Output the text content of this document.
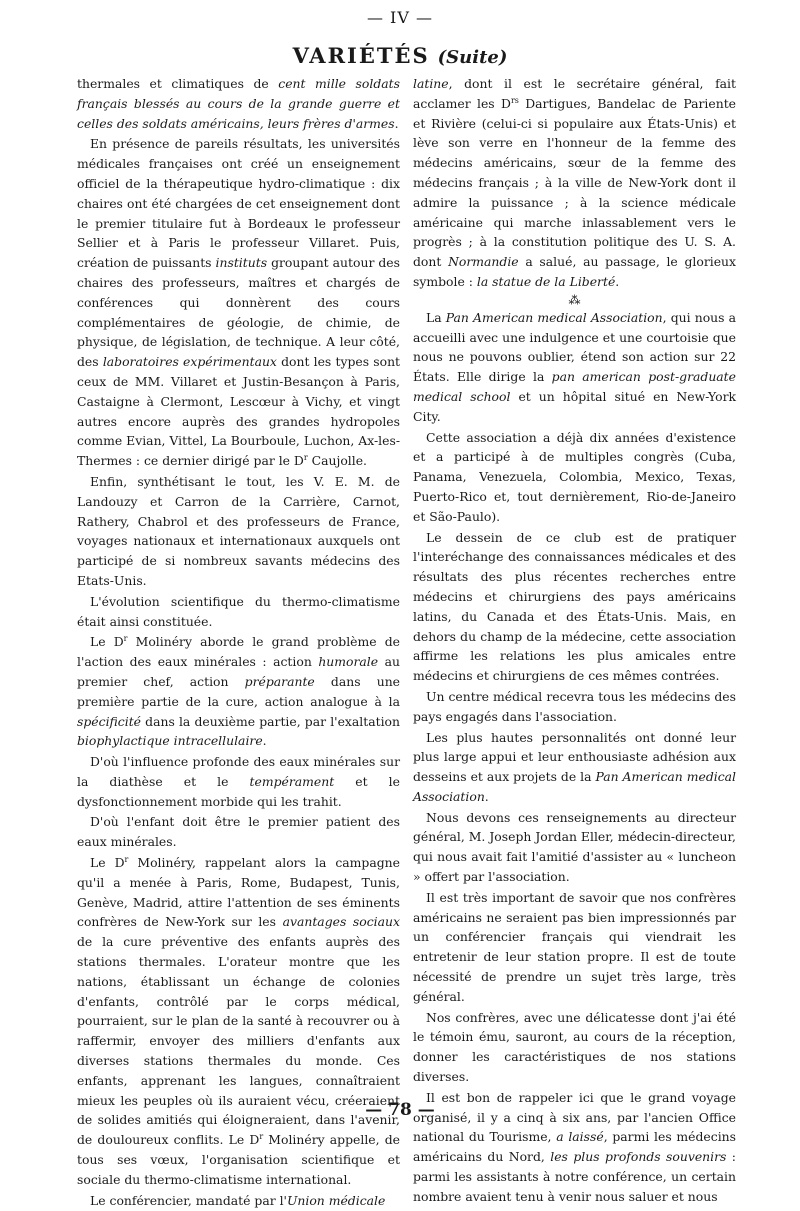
— IV —
VARIÉTÉS (Suite)

thermales et climatiques de cent mille soldats français blessés au cours de la grande guerre et celles des soldats américains, leurs frères d'armes.

En présence de pareils résultats, les universités médicales françaises ont créé un enseignement officiel de la thérapeutique hydro-climatique : dix chaires ont été chargées de cet enseignement dont le premier titulaire fut à Bordeaux le professeur Sellier et à Paris le professeur Villaret. Puis, création de puissants instituts groupant autour des chaires des professeurs, maîtres et chargés de conférences qui donnèrent des cours complémentaires de géologie, de chimie, de physique, de législation, de technique. A leur côté, des laboratoires expérimentaux dont les types sont ceux de MM. Villaret et Justin-Besançon à Paris, Castaigne à Clermont, Lescœur à Vichy, et vingt autres encore auprès des grandes hydropoles comme Evian, Vittel, La Bourboule, Luchon, Ax-les-Thermes : ce dernier dirigé par le $D^r$ Caujolle.

Enfin, synthétisant le tout, les V. E. M. de Landouzy et Carron de la Carrière, Carnot, Rathery, Chabrol et des professeurs de France, voyages nationaux et internationaux auxquels ont participé de si nombreux savants médecins des Etats-Unis.

L'évolution scientifique du thermo-climatisme était ainsi constituée.

Le $D^r$ Molinéry aborde le grand problème de l'action des eaux minérales : action humorale au premier chef, action préparante dans une première partie de la cure, action analogue à la spécificité dans la deuxième partie, par l'exaltation biophylactique intracellulaire.

D'où l'influence profonde des eaux minérales sur la diathèse et le tempérament et le dysfonctionnement morbide qui les trahit.

D'où l'enfant doit être le premier patient des eaux minérales.

Le $D^r$ Molinéry, rappelant alors la campagne qu'il a menée à Paris, Rome, Budapest, Tunis, Genève, Madrid, attire l'attention de ses éminents confrères de New-York sur les avantages sociaux de la cure préventive des enfants auprès des stations thermales. L'orateur montre que les nations, établissant un échange de colonies d'enfants, contrôlé par le corps médical, pourraient, sur le plan de la santé à recouvrer ou à raffermir, envoyer des milliers d'enfants aux diverses stations thermales du monde. Ces enfants, apprenant les langues, connaîtraient mieux les peuples où ils auraient vécu, créeraient de solides amitiés qui éloigneraient, dans l'avenir, de douloureux conflits. Le $D^r$ Molinéry appelle, de tous ses vœux, l'organisation scientifique et sociale du thermo-climatisme international.

Le conférencier, mandaté par l'Union médicale

latine, dont il est le secrétaire général, fait acclamer les $D^{rs}$ Dartigues, Bandelac de Pariente et Rivière (celui-ci si populaire aux États-Unis) et lève son verre en l'honneur de la femme des médecins américains, sœur de la femme des médecins français ; à la ville de New-York dont il admire la puissance ; à la science médicale américaine qui marche inlassablement vers le progrès ; à la constitution politique des U. S. A. dont Normandie a salué, au passage, le glorieux symbole : la statue de la Liberté.

⁂

La Pan American medical Association, qui nous a accueilli avec une indulgence et une courtoisie que nous ne pouvons oublier, étend son action sur 22 États. Elle dirige la pan american post-graduate medical school et un hôpital situé en New-York City.

Cette association a déjà dix années d'existence et a participé à de multiples congrès (Cuba, Panama, Venezuela, Colombia, Mexico, Texas, Puerto-Rico et, tout dernièrement, Rio-de-Janeiro et São-Paulo).

Le dessein de ce club est de pratiquer l'interéchange des connaissances médicales et des résultats des plus récentes recherches entre médecins et chirurgiens des pays américains latins, du Canada et des États-Unis. Mais, en dehors du champ de la médecine, cette association affirme les relations les plus amicales entre médecins et chirurgiens de ces mêmes contrées.

Un centre médical recevra tous les médecins des pays engagés dans l'association.

Les plus hautes personnalités ont donné leur plus large appui et leur enthousiaste adhésion aux desseins et aux projets de la Pan American medical Association.

Nous devons ces renseignements au directeur général, M. Joseph Jordan Eller, médecin-directeur, qui nous avait fait l'amitié d'assister au « luncheon » offert par l'association.

Il est très important de savoir que nos confrères américains ne seraient pas bien impressionnés par un conférencier français qui viendrait les entretenir de leur station propre. Il est de toute nécessité de prendre un sujet très large, très général.

Nos confrères, avec une délicatesse dont j'ai été le témoin ému, sauront, au cours de la réception, donner les caractéristiques de nos stations diverses.

Il est bon de rappeler ici que le grand voyage organisé, il y a cinq à six ans, par l'ancien Office national du Tourisme, a laissé, parmi les médecins américains du Nord, les plus profonds souvenirs : parmi les assistants à notre conférence, un certain nombre avaient tenu à venir nous saluer et nous

— 78 —
